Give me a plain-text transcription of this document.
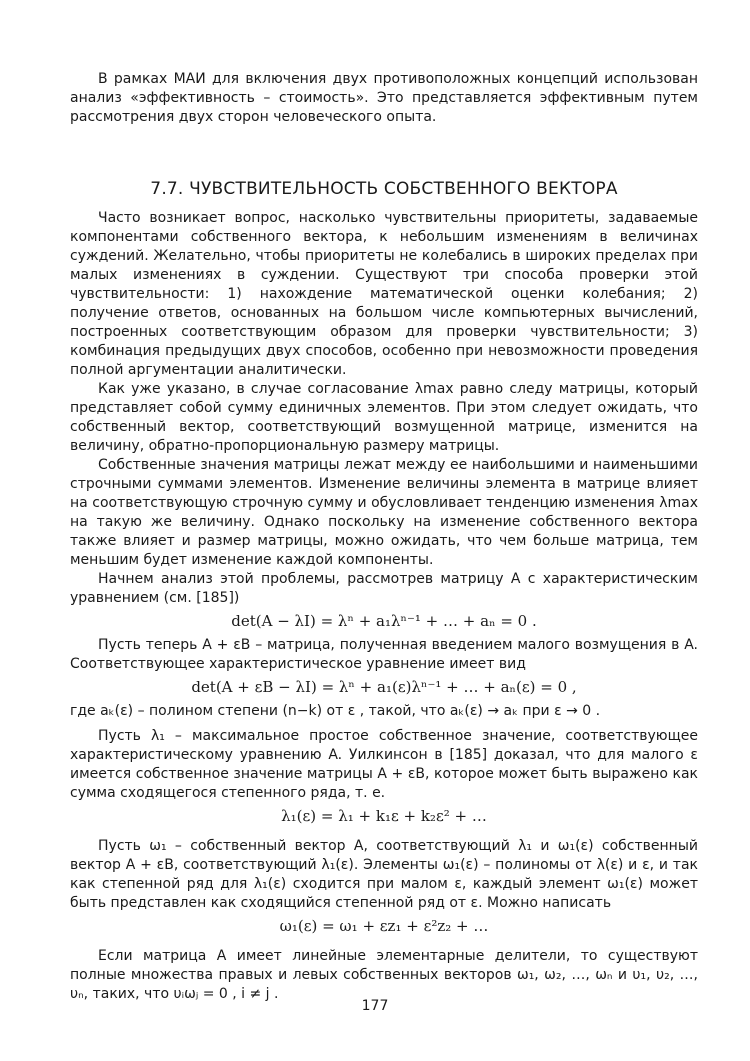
В рамках МАИ для включения двух противоположных концепций использован анализ «эффективность – стоимость». Это представляется эффективным путем рассмотрения двух сторон человеческого опыта.

7.7. ЧУВСТВИТЕЛЬНОСТЬ СОБСТВЕННОГО ВЕКТОРА

Часто возникает вопрос, насколько чувствительны приоритеты, задаваемые компонентами собственного вектора, к небольшим изменениям в величинах суждений. Желательно, чтобы приоритеты не колебались в широких пределах при малых изменениях в суждении. Существуют три способа проверки этой чувствительности: 1) нахождение математической оценки колебания; 2) получение ответов, основанных на большом числе компьютерных вычислений, построенных соответствующим образом для проверки чувствительности; 3) комбинация предыдущих двух способов, особенно при невозможности проведения полной аргументации аналитически.

Как уже указано, в случае согласование λmax равно следу матрицы, который представляет собой сумму единичных элементов. При этом следует ожидать, что собственный вектор, соответствующий возмущенной матрице, изменится на величину, обратно-пропорциональную размеру матрицы.

Собственные значения матрицы лежат между ее наибольшими и наименьшими строчными суммами элементов. Изменение величины элемента в матрице влияет на соответствующую строчную сумму и обусловливает тенденцию изменения λmax на такую же величину. Однако поскольку на изменение собственного вектора также влияет и размер матрицы, можно ожидать, что чем больше матрица, тем меньшим будет изменение каждой компоненты.

Начнем анализ этой проблемы, рассмотрев матрицу A с характеристическим уравнением (см. [185])

det(A − λI) = λⁿ + a₁λⁿ⁻¹ + … + aₙ = 0 .

Пусть теперь A + εB – матрица, полученная введением малого возмущения в A. Соответствующее характеристическое уравнение имеет вид

det(A + εB − λI) = λⁿ + a₁(ε)λⁿ⁻¹ + … + aₙ(ε) = 0 ,

где aₖ(ε) – полином степени (n−k) от ε , такой, что aₖ(ε) → aₖ при ε → 0 .

Пусть λ₁ – максимальное простое собственное значение, соответствующее характеристическому уравнению A. Уилкинсон в [185] доказал, что для малого ε имеется собственное значение матрицы A + εB, которое может быть выражено как сумма сходящегося степенного ряда, т. е.

λ₁(ε) = λ₁ + k₁ε + k₂ε² + …

Пусть ω₁ – собственный вектор A, соответствующий λ₁ и ω₁(ε) собственный вектор A + εB, соответствующий λ₁(ε). Элементы ω₁(ε) – полиномы от λ(ε) и ε, и так как степенной ряд для λ₁(ε) сходится при малом ε, каждый элемент ω₁(ε) может быть представлен как сходящийся степенной ряд от ε. Можно написать

ω₁(ε) = ω₁ + εz₁ + ε²z₂ + …

Если матрица A имеет линейные элементарные делители, то существуют полные множества правых и левых собственных векторов ω₁, ω₂, …, ωₙ и υ₁, υ₂, …, υₙ, таких, что υᵢωⱼ = 0 , i ≠ j .

177
